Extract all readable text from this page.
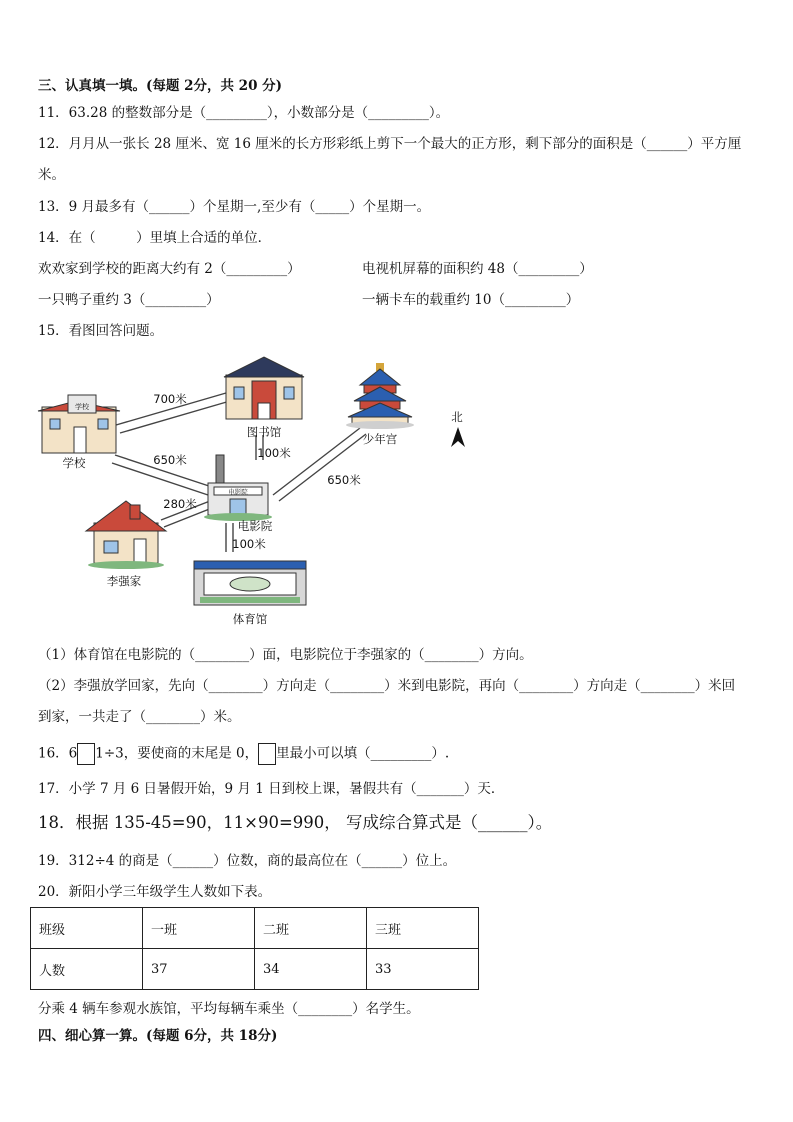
三、认真填一填。(每题 2分，共 20 分)
11．63.28 的整数部分是（_________），小数部分是（_________）。
12．月月从一张长 28 厘米、宽 16 厘米的长方形彩纸上剪下一个最大的正方形，剩下部分的面积是（______）平方厘
米。
13．9 月最多有（______）个星期一,至少有（_____）个星期一。
14．在（　　　）里填上合适的单位．
欢欢家到学校的距离大约有 2（_________）	电视机屏幕的面积约 48（_________）
一只鸭子重约 3（_________）	一辆卡车的载重约 10（_________）
15．看图回答问题。
学校
学校
图书馆	少年宫
北
电影院
电影院
李强家
体育馆
700米
650米	100米
650米
280米
100米
（1）体育馆在电影院的（________）面，电影院位于李强家的（________）方向。
（2）李强放学回家，先向（________）方向走（________）米到电影院，再向（________）方向走（________）米回
到家，一共走了（________）米。
16．6 1÷3，要使商的末尾是 0， 里最小可以填（_________）.
17．小学 7 月 6 日暑假开始，9 月 1 日到校上课，暑假共有（_______）天．
18．根据 135-45=90，11×90=990， 写成综合算式是（______）。
19．312÷4 的商是（______）位数，商的最高位在（______）位上。
20．新阳小学三年级学生人数如下表。
班级	一班	二班	三班
人数	37	34	33
分乘 4 辆车参观水族馆，平均每辆车乘坐（________）名学生。
四、细心算一算。(每题 6分，共 18分)
